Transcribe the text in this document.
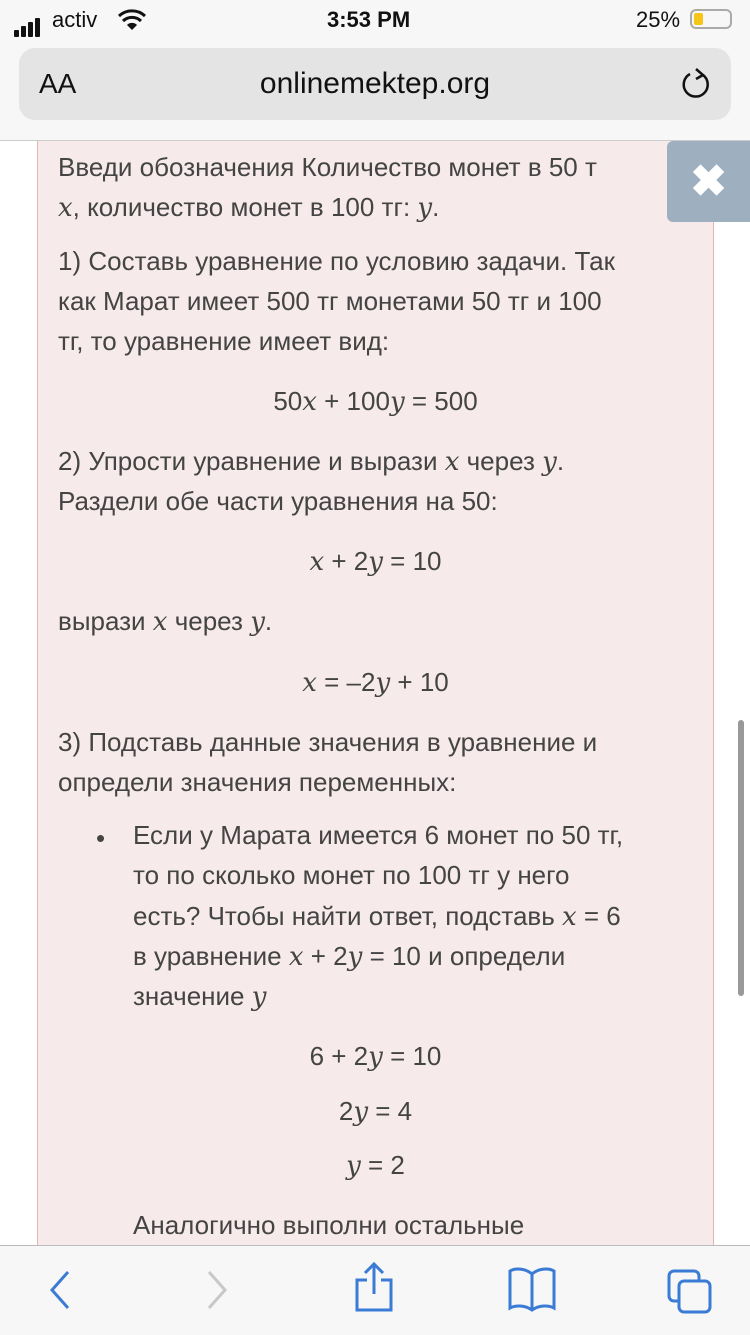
activ	3:53 PM	25%
AA	onlinemektep.org
Введи обозначения Количество монет в 50 т
x, количество монет в 100 тг: y.
1) Составь уравнение по условию задачи. Так
как Марат имеет 500 тг монетами 50 тг и 100
тг, то уравнение имеет вид:
50x + 100y = 500
2) Упрости уравнение и вырази x через y.
Раздели обе части уравнения на 50:
x + 2y = 10
вырази x через y.
x = –2y + 10
3) Подставь данные значения в уравнение и
определи значения переменных:
Если у Марата имеется 6 монет по 50 тг,
то по сколько монет по 100 тг у него
есть? Чтобы найти ответ, подставь x = 6
в уравнение x + 2y = 10 и определи
значение y
6 + 2y = 10
2y = 4
y = 2
Аналогично выполни остальные
•
✖
